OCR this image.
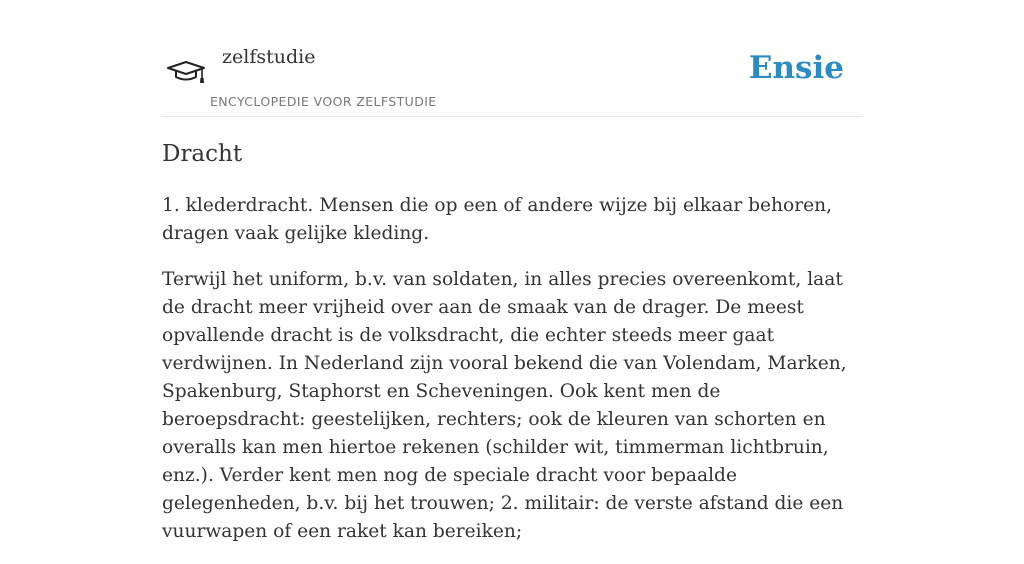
zelfstudie
ENCYCLOPEDIE VOOR ZELFSTUDIE
Ensie
Dracht

1. klederdracht. Mensen die op een of andere wijze bij elkaar behoren, dragen vaak gelijke kleding.

Terwijl het uniform, b.v. van soldaten, in alles precies overeenkomt, laat de dracht meer vrijheid over aan de smaak van de drager. De meest opvallende dracht is de volksdracht, die echter steeds meer gaat verdwijnen. In Nederland zijn vooral bekend die van Volendam, Marken, Spakenburg, Staphorst en Scheveningen. Ook kent men de beroepsdracht: geestelijken, rechters; ook de kleuren van schorten en overalls kan men hiertoe rekenen (schilder wit, timmerman lichtbruin, enz.). Verder kent men nog de speciale dracht voor bepaalde gelegenheden, b.v. bij het trouwen; 2. militair: de verste afstand die een vuurwapen of een raket kan bereiken;
